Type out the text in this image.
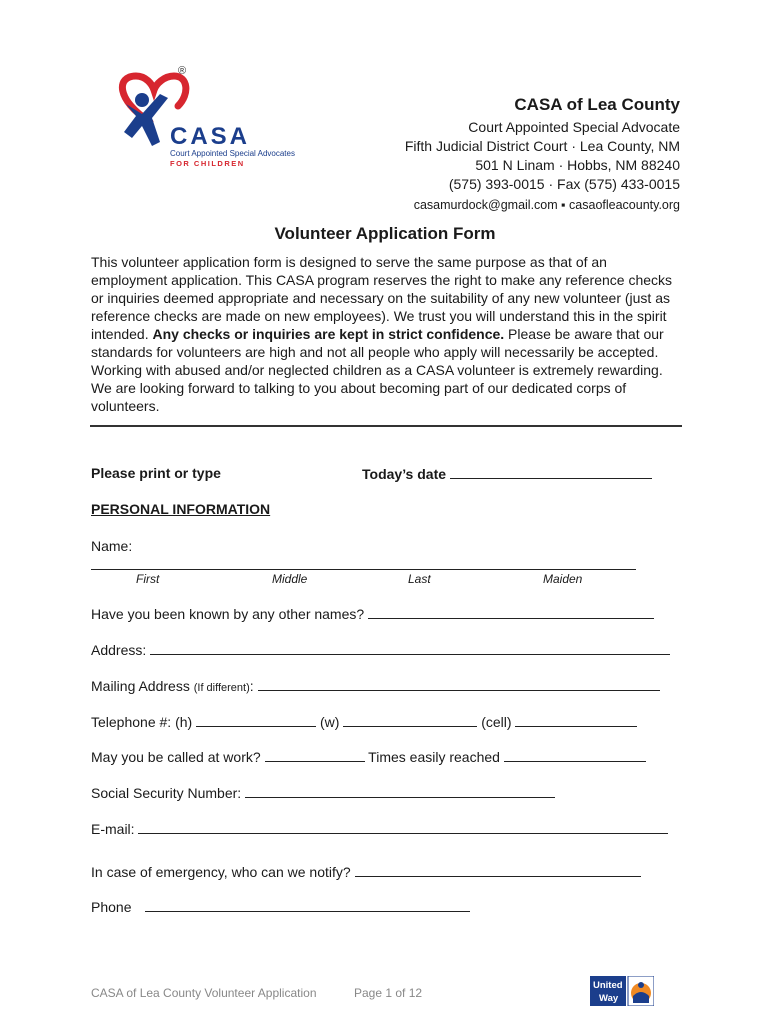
®
CASA
Court Appointed Special Advocates
FOR CHILDREN
CASA of Lea County
Court Appointed Special Advocate
Fifth Judicial District Court · Lea County, NM
501 N Linam · Hobbs, NM 88240
(575) 393-0015 · Fax (575) 433-0015
casamurdock@gmail.com ▪ casaofleacounty.org
Volunteer Application Form
This volunteer application form is designed to serve the same purpose as that of an employment application. This CASA program reserves the right to make any reference checks or inquiries deemed appropriate and necessary on the suitability of any new volunteer (just as reference checks are made on new employees). We trust you will understand this in the spirit intended. Any checks or inquiries are kept in strict confidence. Please be aware that our standards for volunteers are high and not all people who apply will necessarily be accepted. Working with abused and/or neglected children as a CASA volunteer is extremely rewarding. We are looking forward to talking to you about becoming part of our dedicated corps of volunteers.
Please print or type	Today’s date
PERSONAL INFORMATION
Name:
First	Middle	Last	Maiden
Have you been known by any other names?
Address:
Mailing Address (If different):
Telephone #: (h)	(w)	(cell)
May you be called at work?	Times easily reached
Social Security Number:
E-mail:
In case of emergency, who can we notify?
Phone
CASA of Lea County Volunteer Application	Page 1 of 12
United
Way
